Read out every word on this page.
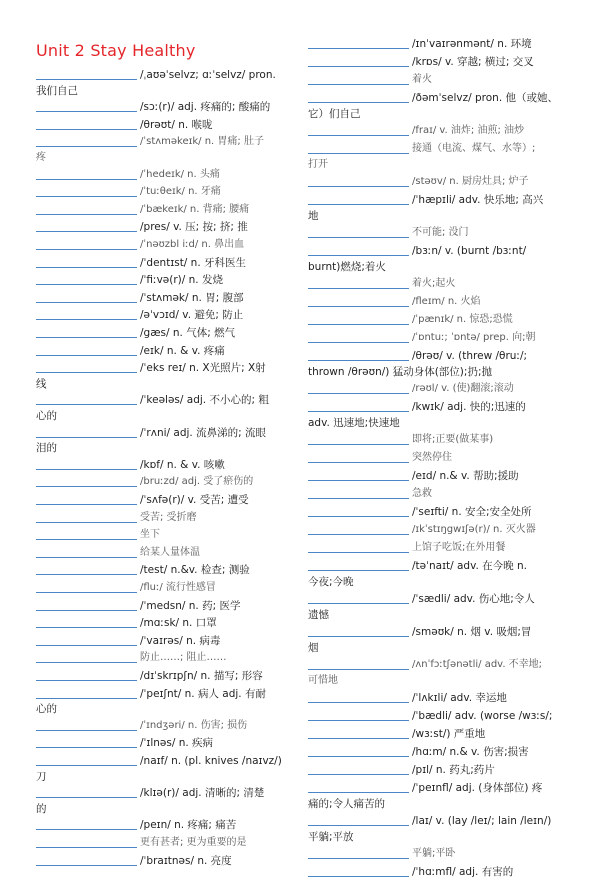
Unit 2 Stay Healthy
/ˌaʊəˈselvz; ɑːˈselvz/ pron.
我们自己
/sɔː(r)/ adj. 疼痛的; 酸痛的
/θrəʊt/ n. 喉咙
/ˈstʌməkeɪk/ n. 胃痛; 肚子
疼
/ˈhedeɪk/ n. 头痛
/ˈtuːθeɪk/ n. 牙痛
/ˈbækeɪk/ n. 背痛; 腰痛
/pres/ v. 压; 按; 挤; 推
/ˈnəʊzbl iːd/ n. 鼻出血
/ˈdentɪst/ n. 牙科医生
/ˈfiːvə(r)/ n. 发烧
/ˈstʌmək/ n. 胃; 腹部
/əˈvɔɪd/ v. 避免; 防止
/gæs/ n. 气体; 燃气
/eɪk/ n. & v. 疼痛
/ˈeks reɪ/ n. X光照片; X射
线
/ˈkeələs/ adj. 不小心的; 粗
心的
/ˈrʌni/ adj. 流鼻涕的; 流眼
泪的
/kɒf/ n. & v. 咳嗽
/bruːzd/ adj. 受了瘀伤的
/ˈsʌfə(r)/ v. 受苦; 遭受
受苦; 受折磨
坐下
给某人量体温
/test/ n.&v. 检查; 测验
/fluː/ 流行性感冒
/ˈmedsn/ n. 药; 医学
/mɑːsk/ n. 口罩
/ˈvaɪrəs/ n. 病毒
防止……; 阻止……
/dɪˈskrɪpʃn/ n. 描写; 形容
/ˈpeɪʃnt/ n. 病人 adj. 有耐
心的
/ˈɪndʒəri/ n. 伤害; 损伤
/ˈɪlnəs/ n. 疾病
/naɪf/ n. (pl. knives /naɪvz/)
刀
/klɪə(r)/ adj. 清晰的; 清楚
的
/peɪn/ n. 疼痛; 痛苦
更有甚者; 更为重要的是
/ˈbraɪtnəs/ n. 亮度
/ɪnˈvaɪrənmənt/ n. 环境
/krɒs/ v. 穿越; 横过; 交叉
着火
/ðəmˈselvz/ pron. 他（或她、
它）们自己
/fraɪ/ v. 油炸; 油煎; 油炒
接通（电流、煤气、水等）;
打开
/stəʊv/ n. 厨房灶具; 炉子
/ˈhæpɪli/ adv. 快乐地; 高兴
地
不可能; 没门
/bɜːn/ v. (burnt /bɜːnt/
burnt)燃烧;着火
着火;起火
/fleɪm/ n. 火焰
/ˈpænɪk/ n. 惊恐;恐慌
/ˈɒntuː; ˈɒntə/ prep. 向;朝
/θrəʊ/ v. (threw /θruː/;
thrown /θrəʊn/) 猛动身体(部位);扔;抛
/rəʊl/ v. (使)翻滚;滚动
/kwɪk/ adj. 快的;迅速的
adv. 迅速地;快速地
即将;正要(做某事)
突然停住
/eɪd/ n.& v. 帮助;援助
急救
/ˈseɪfti/ n. 安全;安全处所
/ɪkˈstɪŋgwɪʃə(r)/ n. 灭火器
上馆子吃饭;在外用餐
/təˈnaɪt/ adv. 在今晚 n.
今夜;今晚
/ˈsædli/ adv. 伤心地;令人
遗憾
/sməʊk/ n. 烟 v. 吸烟;冒
烟
/ʌnˈfɔːtʃənətli/ adv. 不幸地;
可惜地
/ˈlʌkɪli/ adv. 幸运地
/ˈbædli/ adv. (worse /wɜːs/;
/wɜːst/) 严重地
/hɑːm/ n.& v. 伤害;损害
/pɪl/ n. 药丸;药片
/ˈpeɪnfl/ adj. (身体部位) 疼
痛的;令人痛苦的
/laɪ/ v. (lay /leɪ/; lain /leɪn/)
平躺;平放
平躺;平卧
/ˈhɑːmfl/ adj. 有害的
